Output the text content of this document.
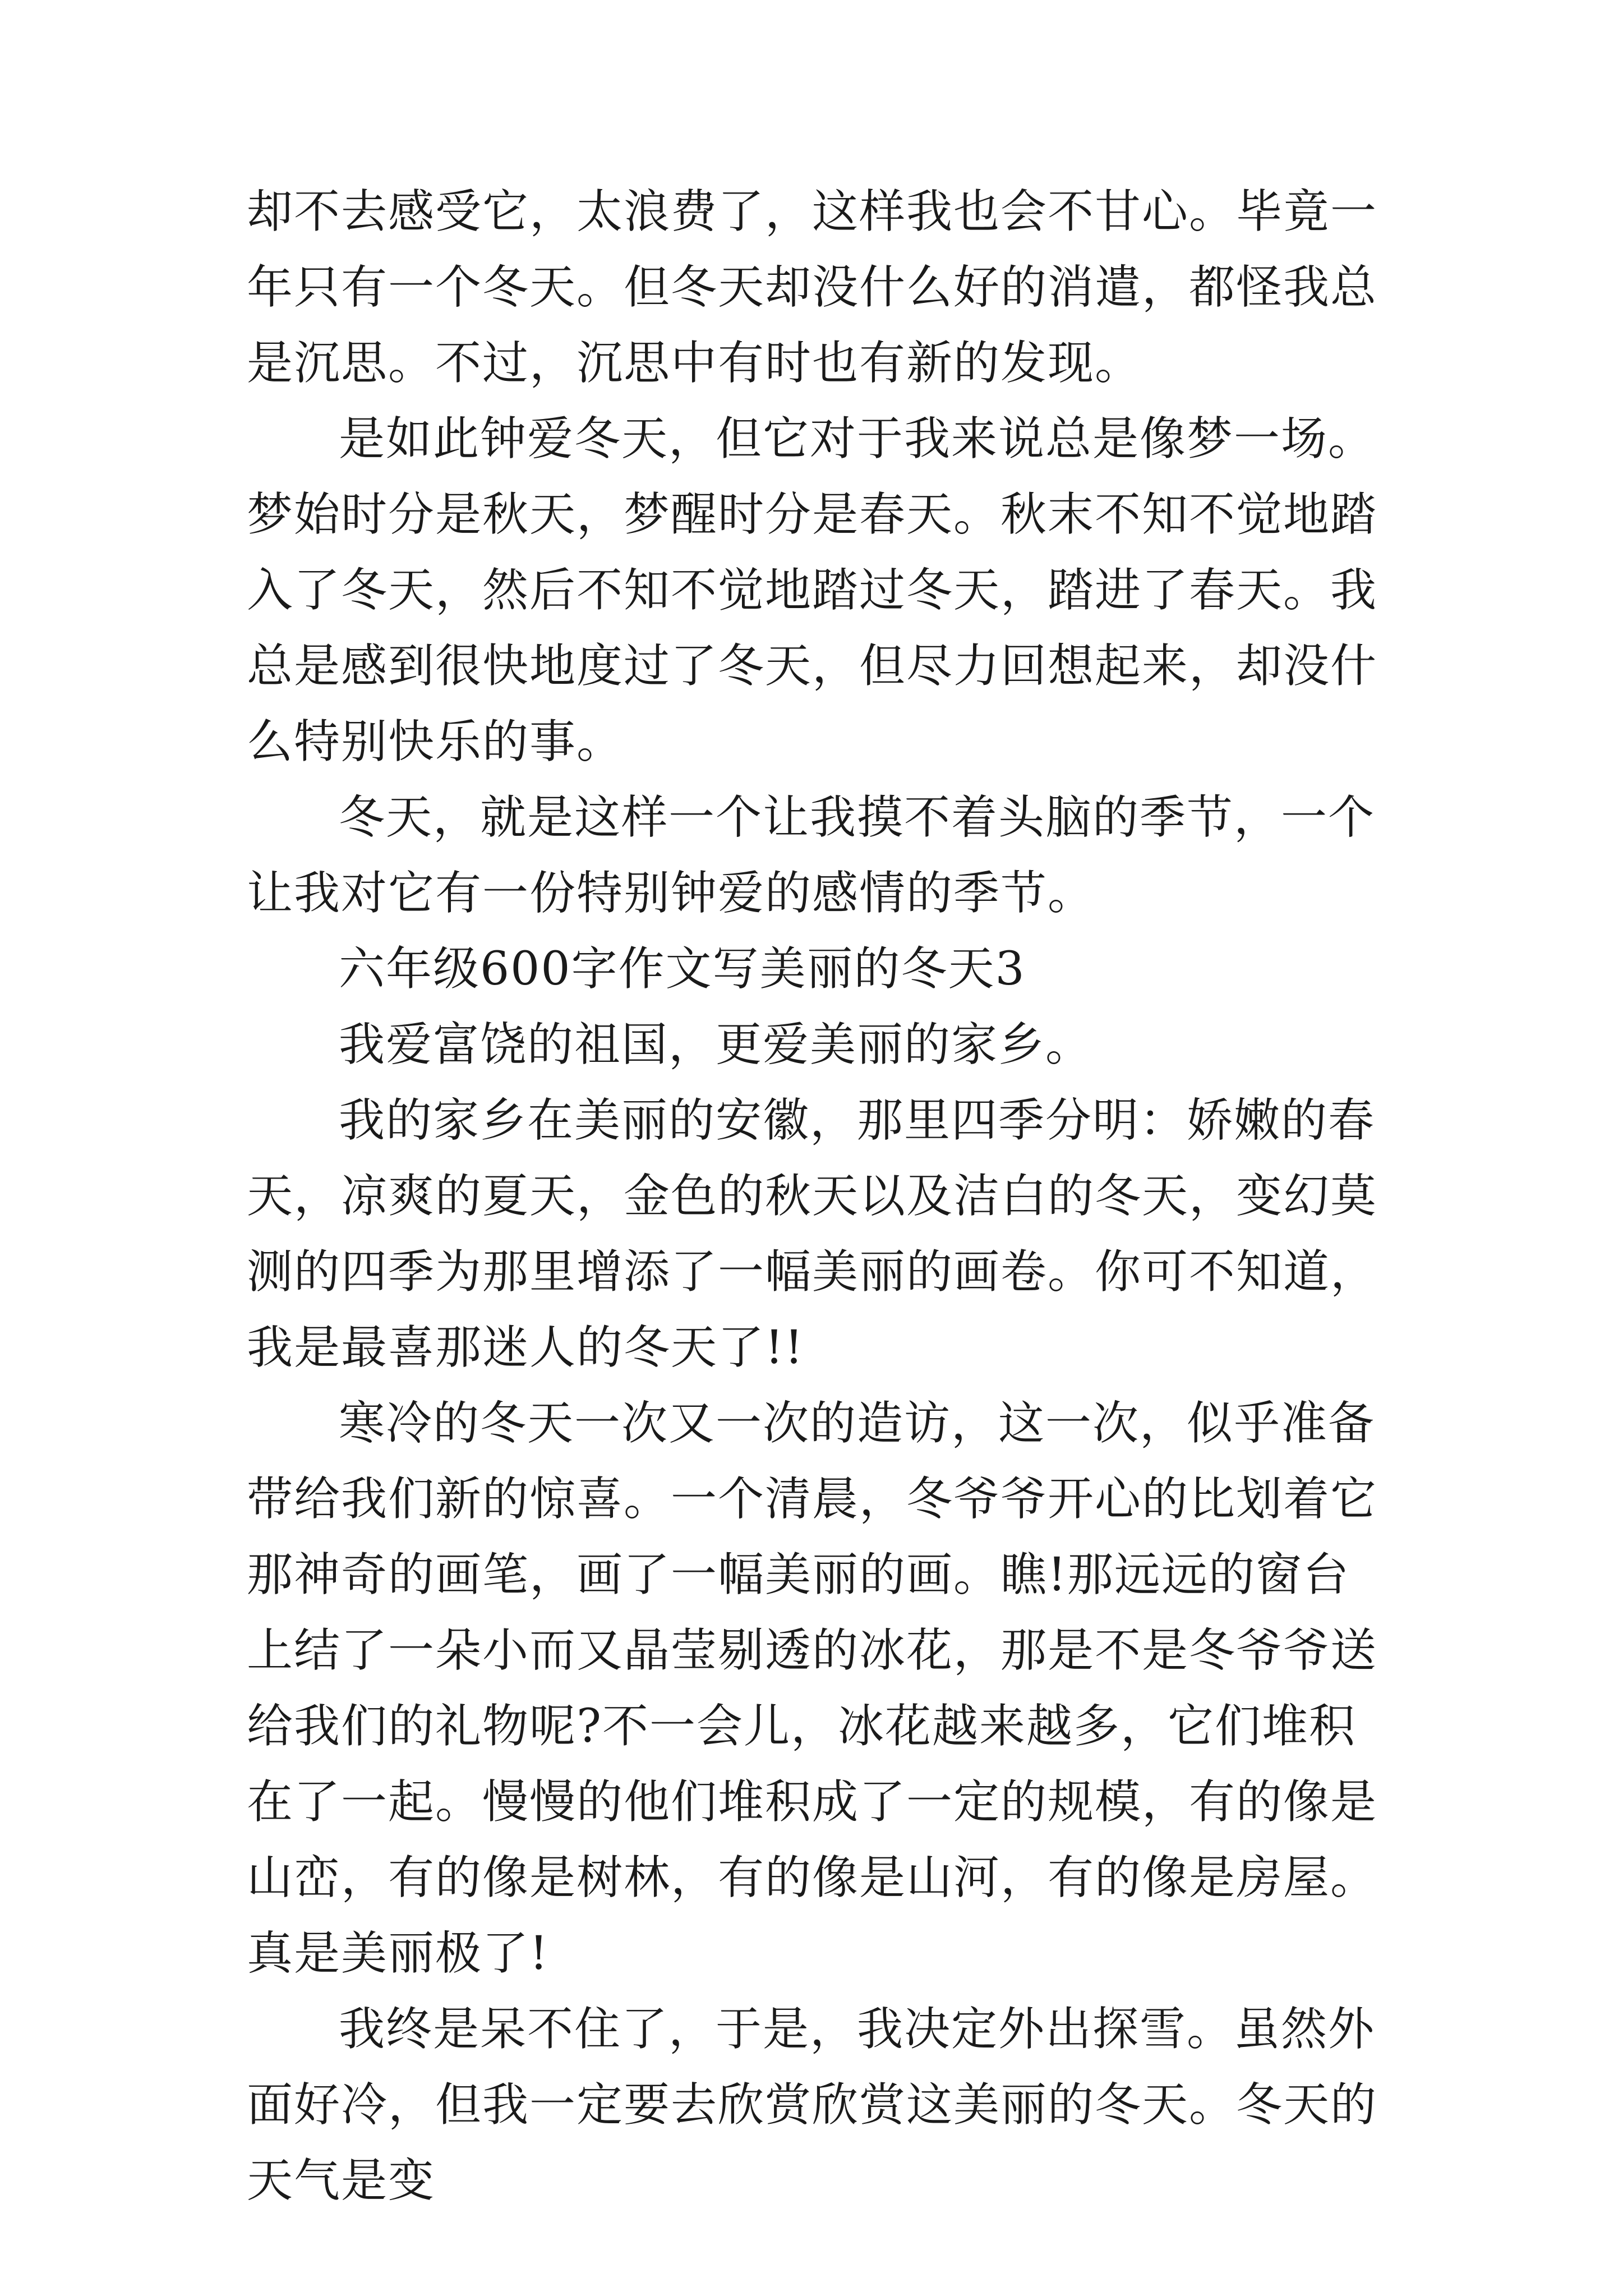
却不去感受它，太浪费了，这样我也会不甘心。毕竟一年只有一个冬天。但冬天却没什么好的消遣，都怪我总是沉思。不过，沉思中有时也有新的发现。

是如此钟爱冬天，但它对于我来说总是像梦一场。梦始时分是秋天，梦醒时分是春天。秋末不知不觉地踏入了冬天，然后不知不觉地踏过冬天，踏进了春天。我总是感到很快地度过了冬天，但尽力回想起来，却没什么特别快乐的事。

冬天，就是这样一个让我摸不着头脑的季节，一个让我对它有一份特别钟爱的感情的季节。

六年级600字作文写美丽的冬天3

我爱富饶的祖国，更爱美丽的家乡。

我的家乡在美丽的安徽，那里四季分明：娇嫩的春天，凉爽的夏天，金色的秋天以及洁白的冬天，变幻莫测的四季为那里增添了一幅美丽的画卷。你可不知道，我是最喜那迷人的冬天了!!

寒冷的冬天一次又一次的造访，这一次，似乎准备带给我们新的惊喜。一个清晨，冬爷爷开心的比划着它那神奇的画笔，画了一幅美丽的画。瞧!那远远的窗台上结了一朵小而又晶莹剔透的冰花，那是不是冬爷爷送给我们的礼物呢?不一会儿，冰花越来越多，它们堆积在了一起。慢慢的他们堆积成了一定的规模，有的像是山峦，有的像是树林，有的像是山河，有的像是房屋。真是美丽极了!

我终是呆不住了，于是，我决定外出探雪。虽然外面好冷，但我一定要去欣赏欣赏这美丽的冬天。冬天的天气是变
